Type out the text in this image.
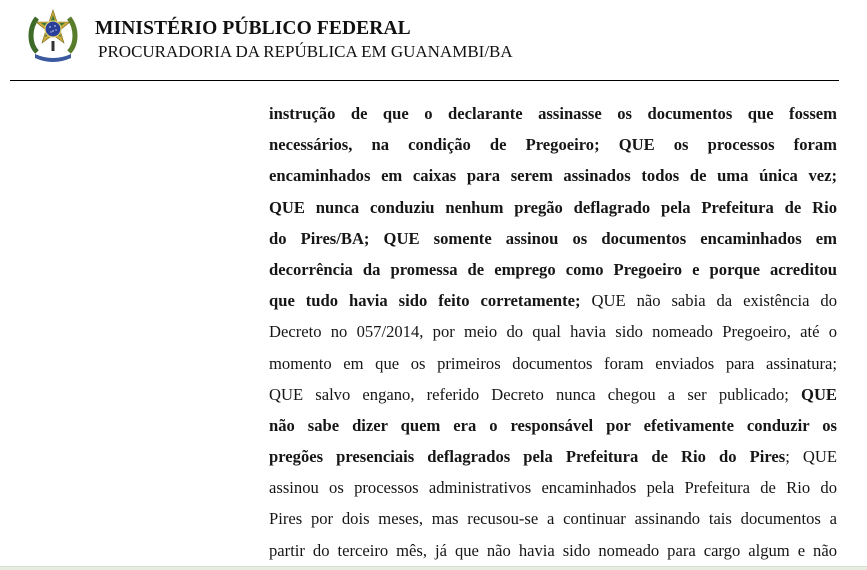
MINISTÉRIO PÚBLICO FEDERAL
PROCURADORIA DA REPÚBLICA EM GUANAMBI/BA
instrução de que o declarante assinasse os documentos que fossem
necessários, na condição de Pregoeiro; QUE os processos foram
encaminhados em caixas para serem assinados todos de uma única vez;
QUE nunca conduziu nenhum pregão deflagrado pela Prefeitura de Rio
do Pires/BA; QUE somente assinou os documentos encaminhados em
decorrência da promessa de emprego como Pregoeiro e porque acreditou
que tudo havia sido feito corretamente; QUE não sabia da existência do
Decreto no 057/2014, por meio do qual havia sido nomeado Pregoeiro, até o
momento em que os primeiros documentos foram enviados para assinatura;
QUE salvo engano, referido Decreto nunca chegou a ser publicado; QUE
não sabe dizer quem era o responsável por efetivamente conduzir os
pregões presenciais deflagrados pela Prefeitura de Rio do Pires; QUE
assinou os processos administrativos encaminhados pela Prefeitura de Rio do
Pires por dois meses, mas recusou-se a continuar assinando tais documentos a
partir do terceiro mês, já que não havia sido nomeado para cargo algum e não
